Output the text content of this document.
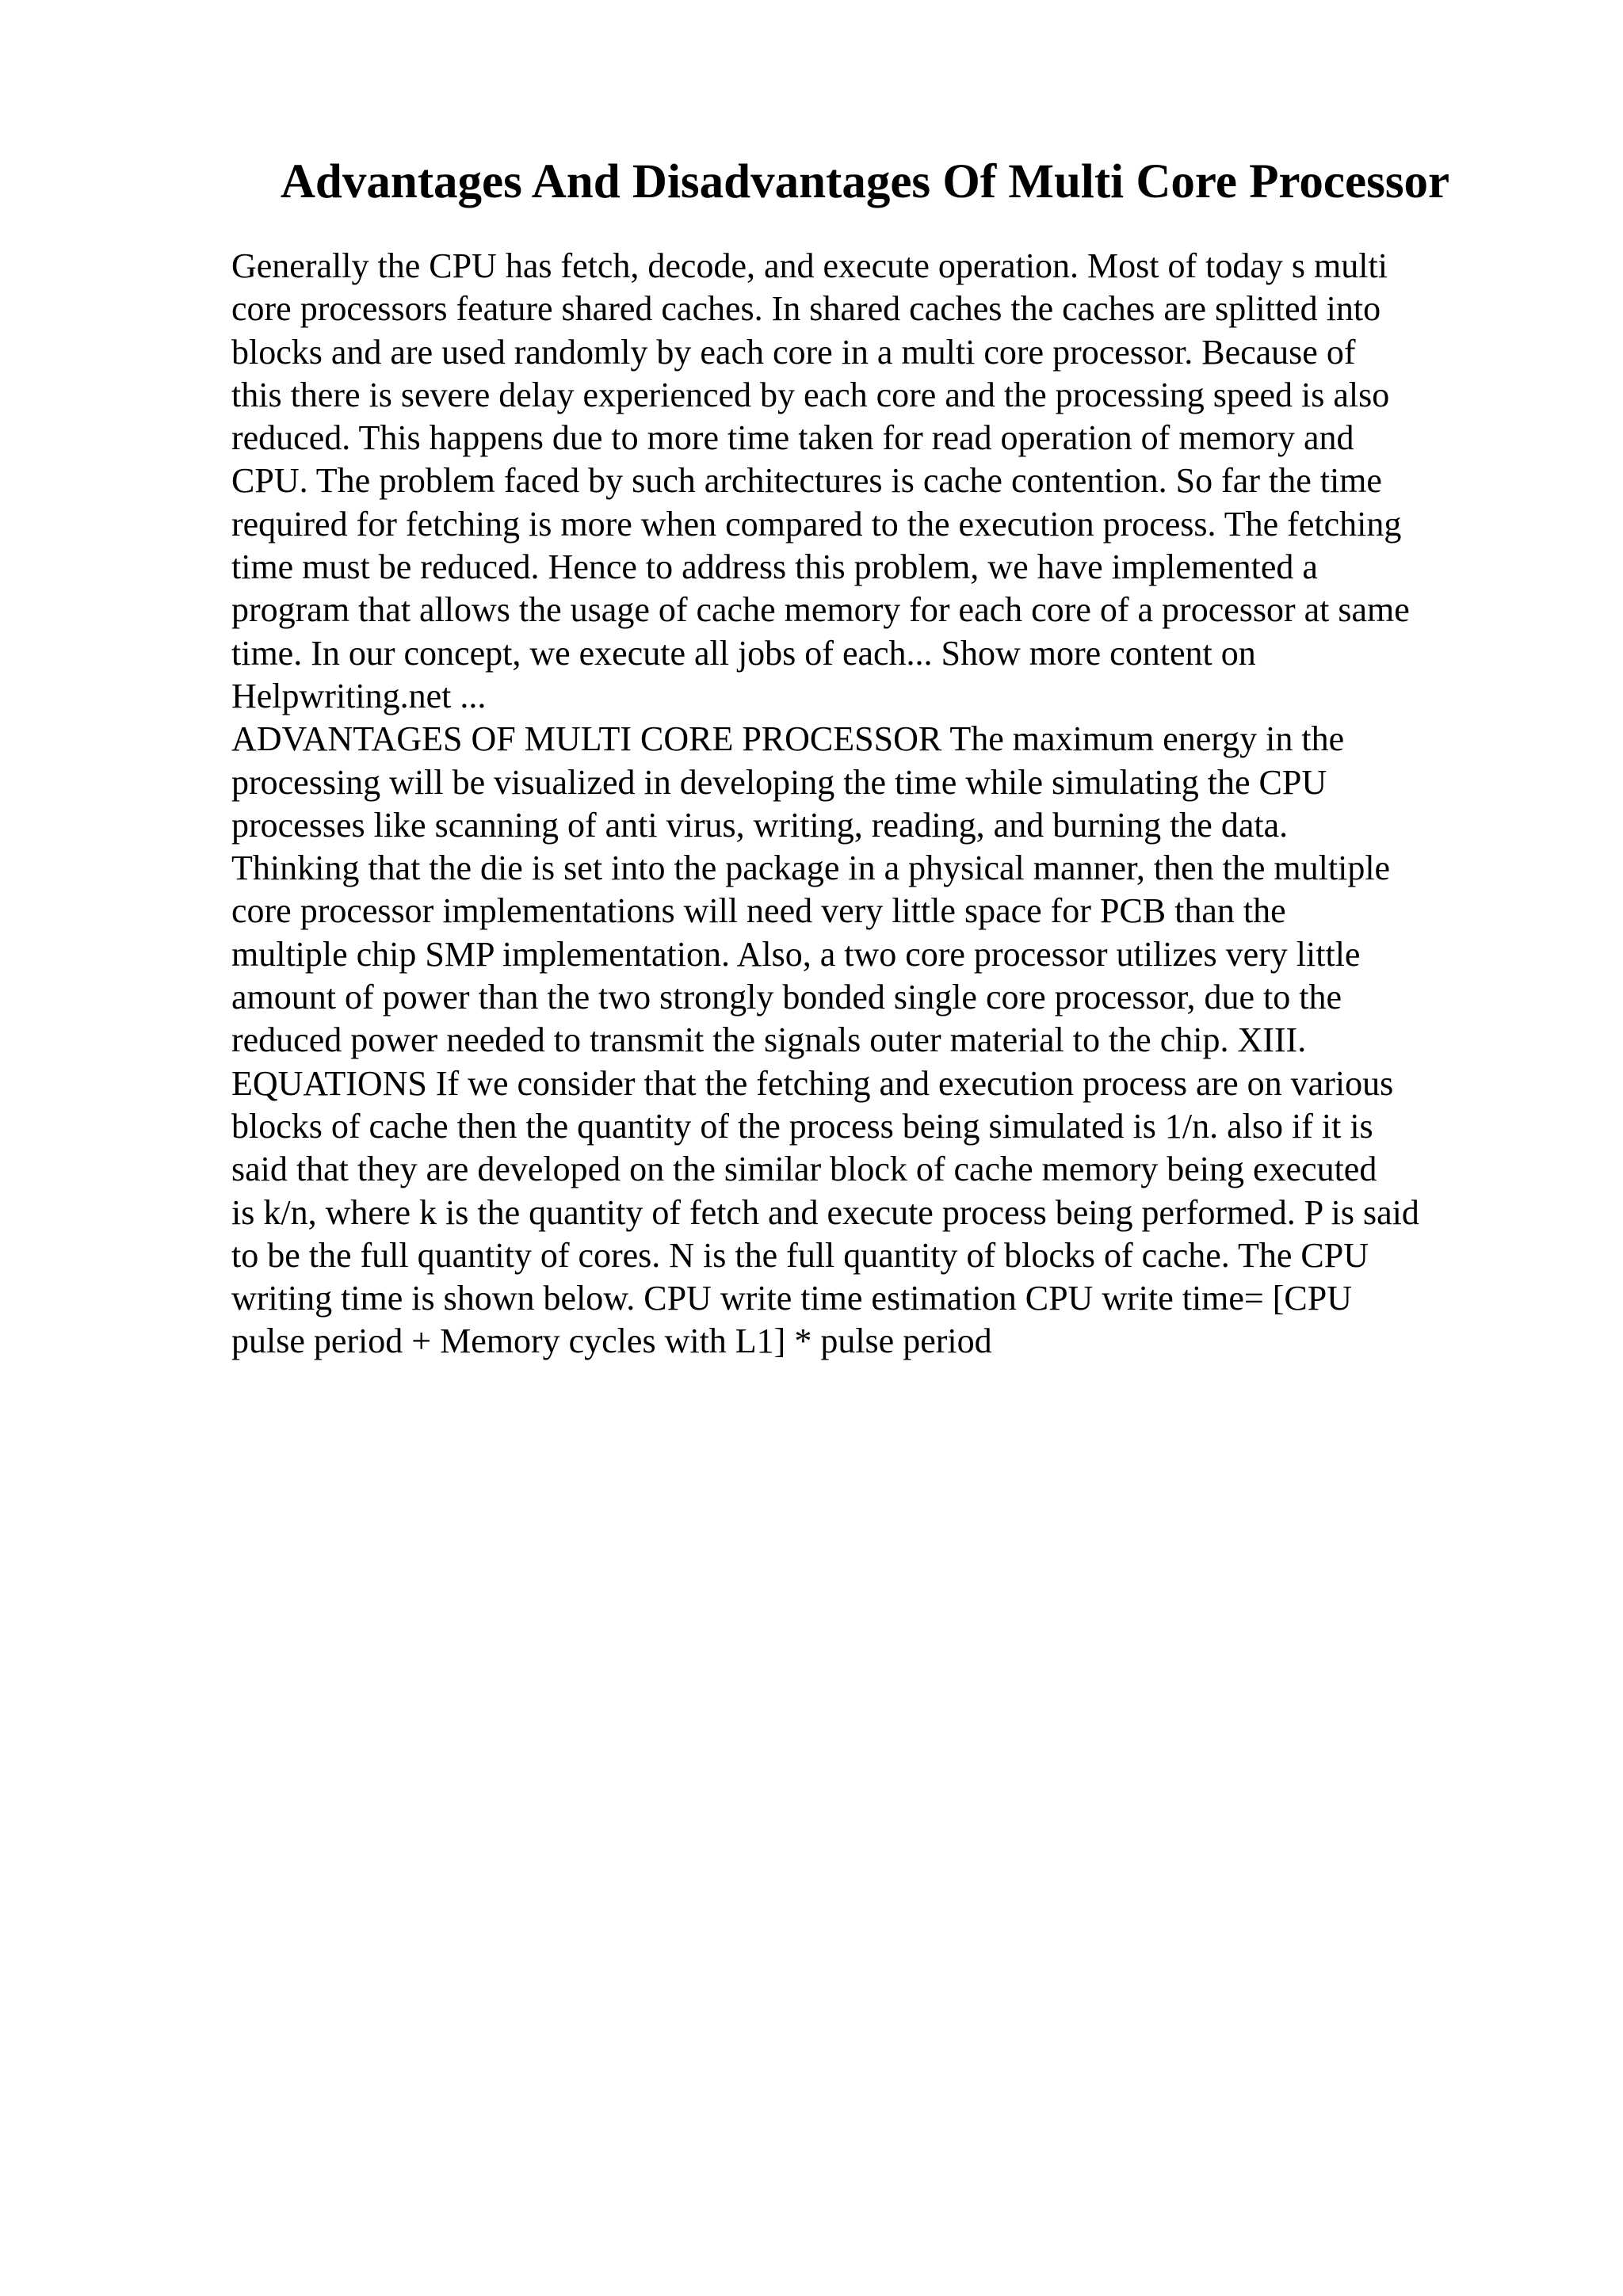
Advantages And Disadvantages Of Multi Core Processor
Generally the CPU has fetch, decode, and execute operation. Most of today s multi
core processors feature shared caches. In shared caches the caches are splitted into
blocks and are used randomly by each core in a multi core processor. Because of
this there is severe delay experienced by each core and the processing speed is also
reduced. This happens due to more time taken for read operation of memory and
CPU. The problem faced by such architectures is cache contention. So far the time
required for fetching is more when compared to the execution process. The fetching
time must be reduced. Hence to address this problem, we have implemented a
program that allows the usage of cache memory for each core of a processor at same
time. In our concept, we execute all jobs of each... Show more content on
Helpwriting.net ...
ADVANTAGES OF MULTI CORE PROCESSOR The maximum energy in the
processing will be visualized in developing the time while simulating the CPU
processes like scanning of anti virus, writing, reading, and burning the data.
Thinking that the die is set into the package in a physical manner, then the multiple
core processor implementations will need very little space for PCB than the
multiple chip SMP implementation. Also, a two core processor utilizes very little
amount of power than the two strongly bonded single core processor, due to the
reduced power needed to transmit the signals outer material to the chip. XIII.
EQUATIONS If we consider that the fetching and execution process are on various
blocks of cache then the quantity of the process being simulated is 1/n. also if it is
said that they are developed on the similar block of cache memory being executed
is k/n, where k is the quantity of fetch and execute process being performed. P is said
to be the full quantity of cores. N is the full quantity of blocks of cache. The CPU
writing time is shown below. CPU write time estimation CPU write time= [CPU
pulse period + Memory cycles with L1] * pulse period
